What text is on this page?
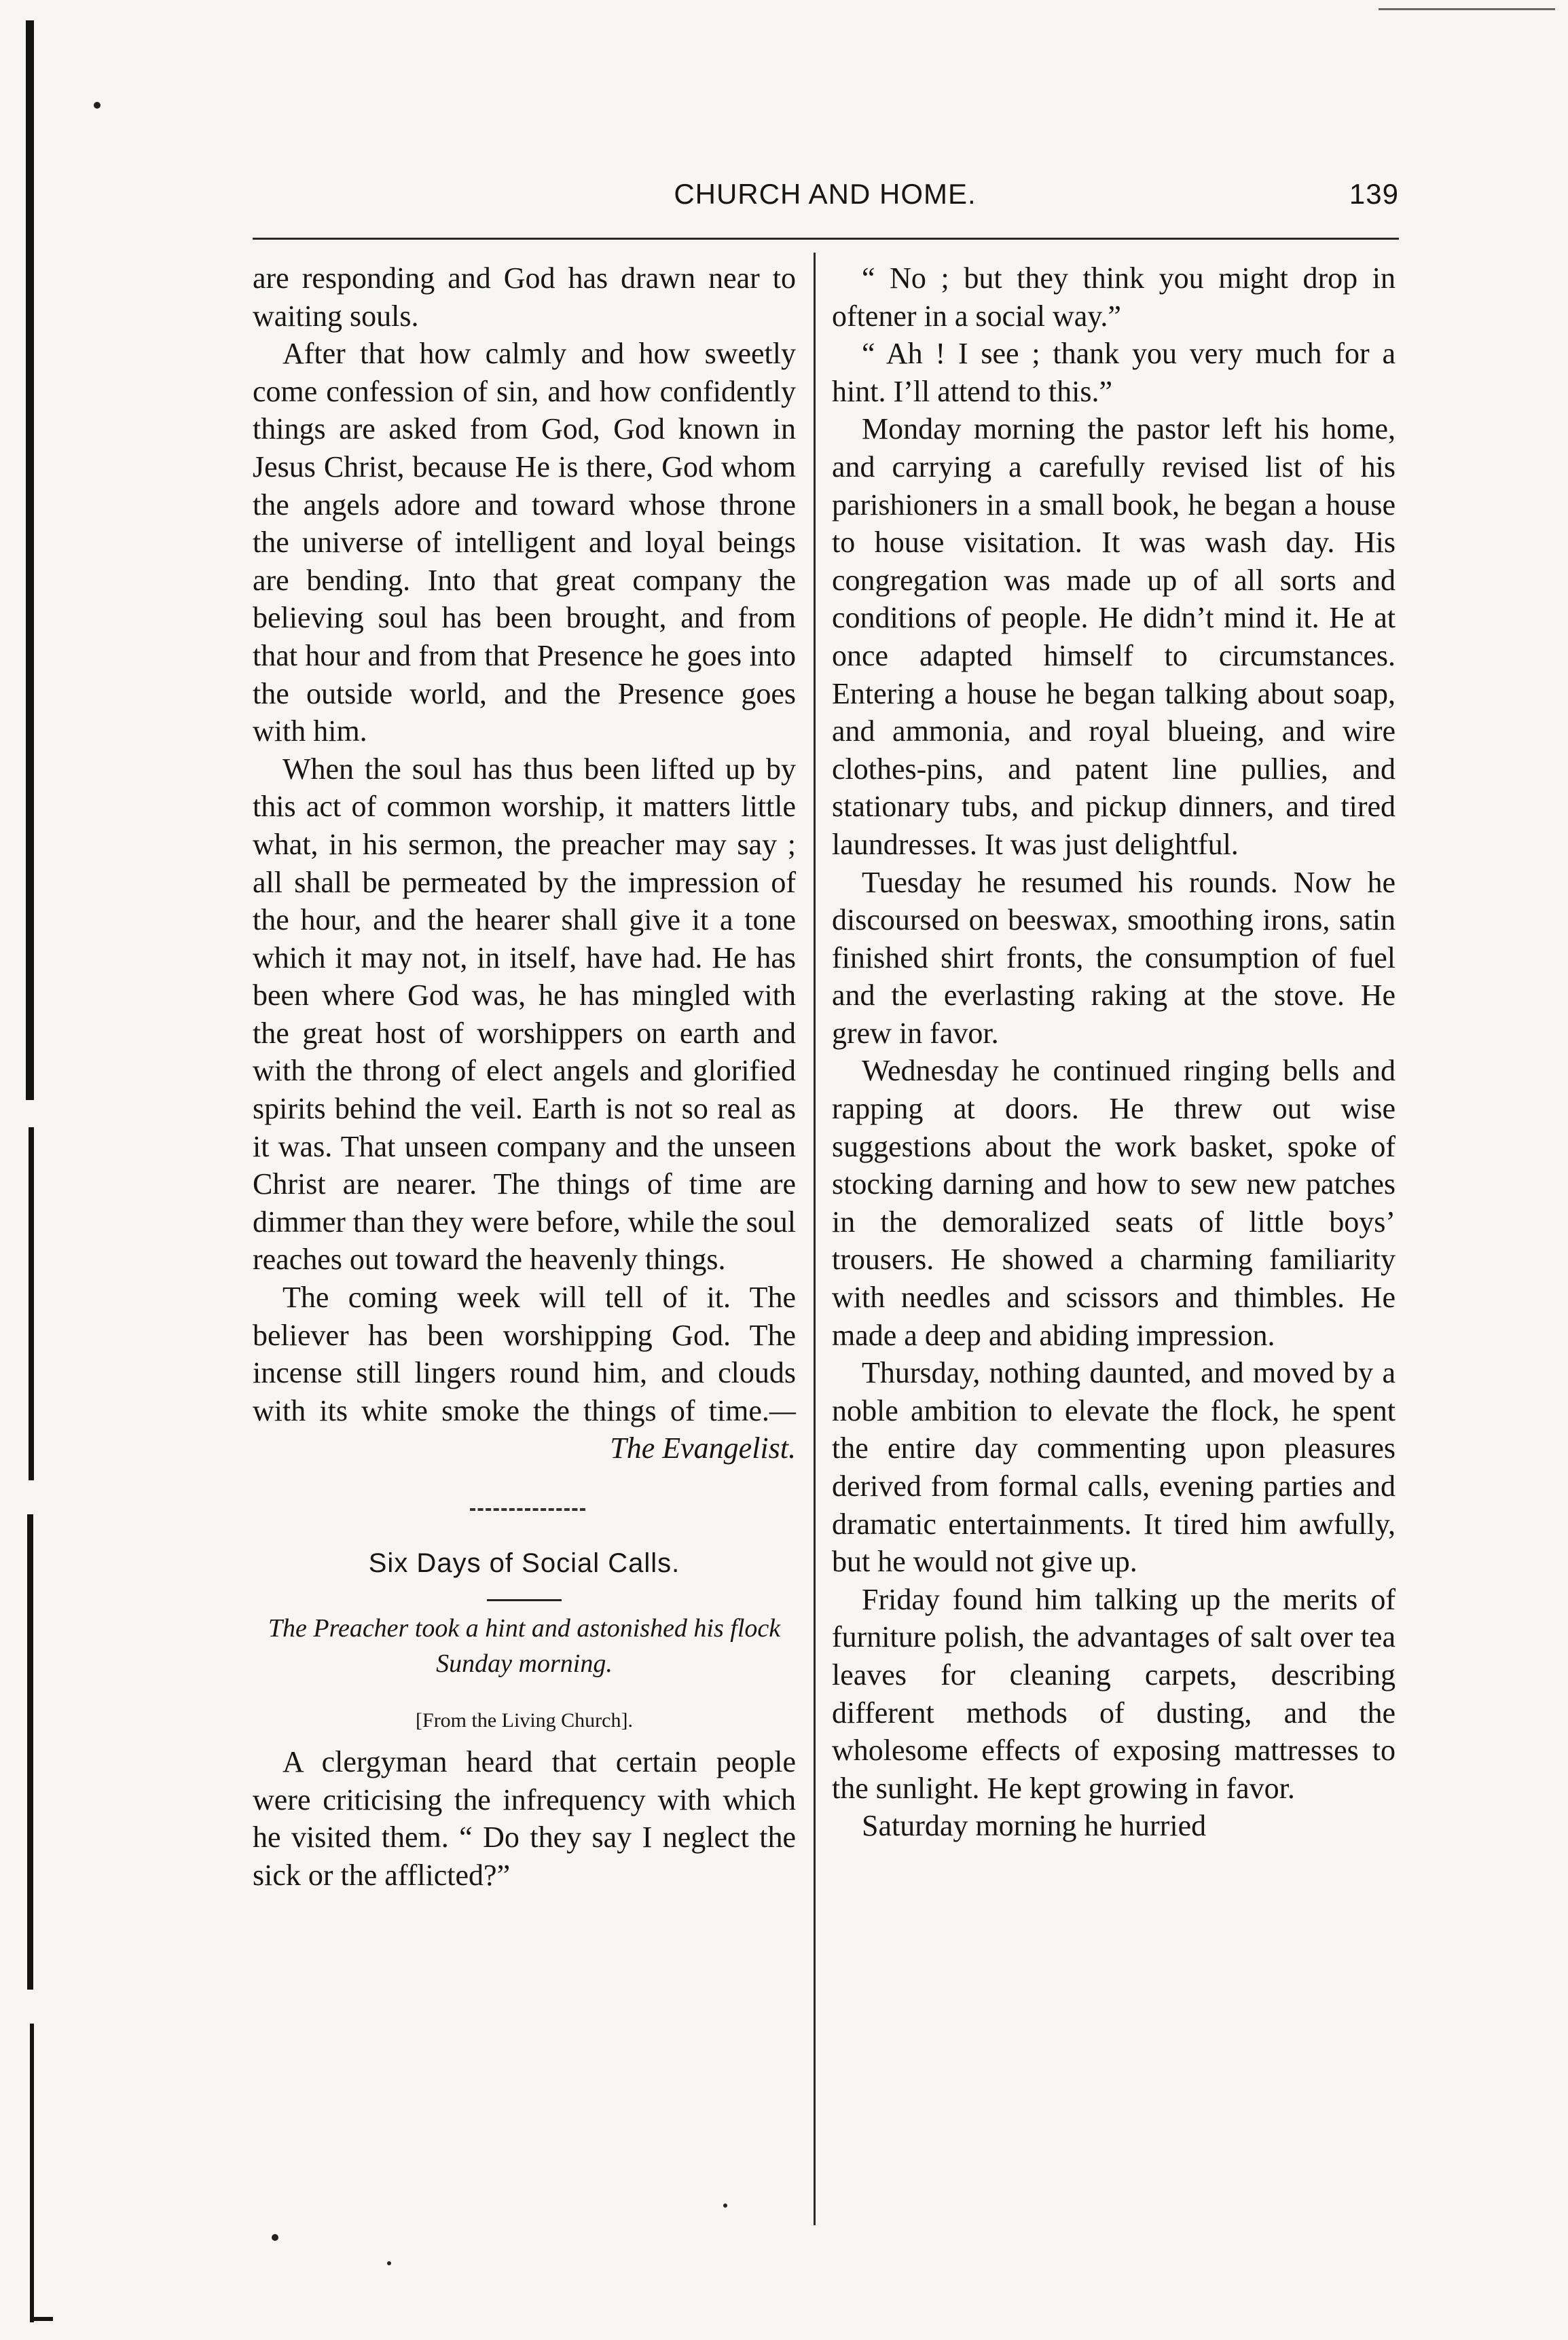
CHURCH AND HOME.	139

are responding and God has drawn near to waiting souls.

After that how calmly and how sweetly come confession of sin, and how confidently things are asked from God, God known in Jesus Christ, because He is there, God whom the angels adore and toward whose throne the universe of intelligent and loyal beings are bending. Into that great company the believing soul has been brought, and from that hour and from that Presence he goes into the outside world, and the Presence goes with him.

When the soul has thus been lifted up by this act of common worship, it matters little what, in his sermon, the preacher may say ; all shall be permeated by the impression of the hour, and the hearer shall give it a tone which it may not, in itself, have had. He has been where God was, he has mingled with the great host of worshippers on earth and with the throng of elect angels and glorified spirits behind the veil. Earth is not so real as it was. That unseen company and the unseen Christ are nearer. The things of time are dimmer than they were before, while the soul reaches out toward the heavenly things.

The coming week will tell of it. The believer has been worshipping God. The incense still lingers round him, and clouds with its white smoke the things of time.— The Evangelist.

Six Days of Social Calls.
The Preacher took a hint and astonished his flock Sunday morning.
[From the Living Church].

A clergyman heard that certain people were criticising the infrequency with which he visited them. “ Do they say I neglect the sick or the afflicted?”

“ No ; but they think you might drop in oftener in a social way.”

“ Ah ! I see ; thank you very much for a hint. I’ll attend to this.”

Monday morning the pastor left his home, and carrying a carefully revised list of his parishioners in a small book, he began a house to house visitation. It was wash day. His congregation was made up of all sorts and conditions of people. He didn’t mind it. He at once adapted himself to circumstances. Entering a house he began talking about soap, and ammonia, and royal blueing, and wire clothes-pins, and patent line pullies, and stationary tubs, and pickup dinners, and tired laundresses. It was just delightful.

Tuesday he resumed his rounds. Now he discoursed on beeswax, smoothing irons, satin finished shirt fronts, the consumption of fuel and the everlasting raking at the stove. He grew in favor.

Wednesday he continued ringing bells and rapping at doors. He threw out wise suggestions about the work basket, spoke of stocking darning and how to sew new patches in the demoralized seats of little boys’ trousers. He showed a charming familiarity with needles and scissors and thimbles. He made a deep and abiding impression.

Thursday, nothing daunted, and moved by a noble ambition to elevate the flock, he spent the entire day commenting upon pleasures derived from formal calls, evening parties and dramatic entertainments. It tired him awfully, but he would not give up.

Friday found him talking up the merits of furniture polish, the advantages of salt over tea leaves for cleaning carpets, describing different methods of dusting, and the wholesome effects of exposing mattresses to the sunlight. He kept growing in favor.

Saturday morning he hurried
